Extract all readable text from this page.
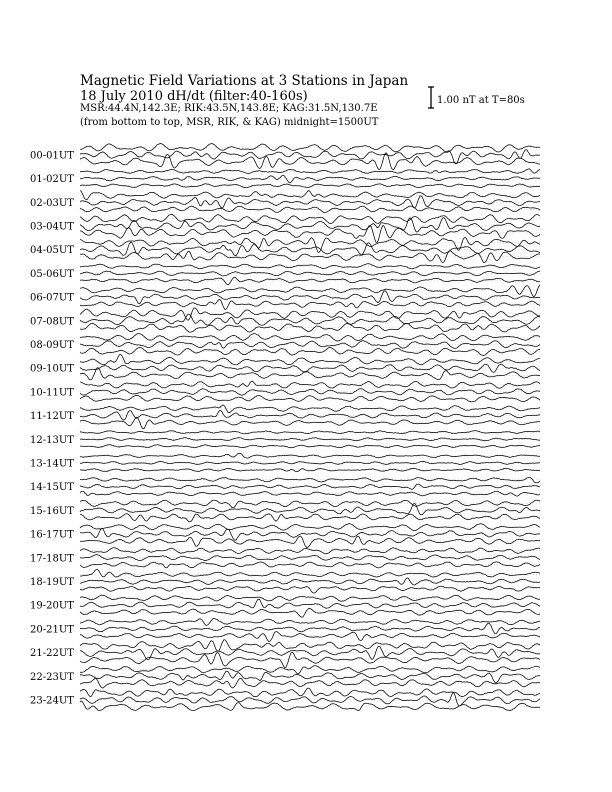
Magnetic Field Variations at 3 Stations in Japan
18 July 2010 dH/dt (filter:40-160s)
MSR:44.4N,142.3E; RIK:43.5N,143.8E; KAG:31.5N,130.7E
(from bottom to top, MSR, RIK, & KAG) midnight=1500UT
1.00 nT at T=80s
00-01UT
01-02UT
02-03UT
03-04UT
04-05UT
05-06UT
06-07UT
07-08UT
08-09UT
09-10UT
10-11UT
11-12UT
12-13UT
13-14UT
14-15UT
15-16UT
16-17UT
17-18UT
18-19UT
19-20UT
20-21UT
21-22UT
22-23UT
23-24UT
